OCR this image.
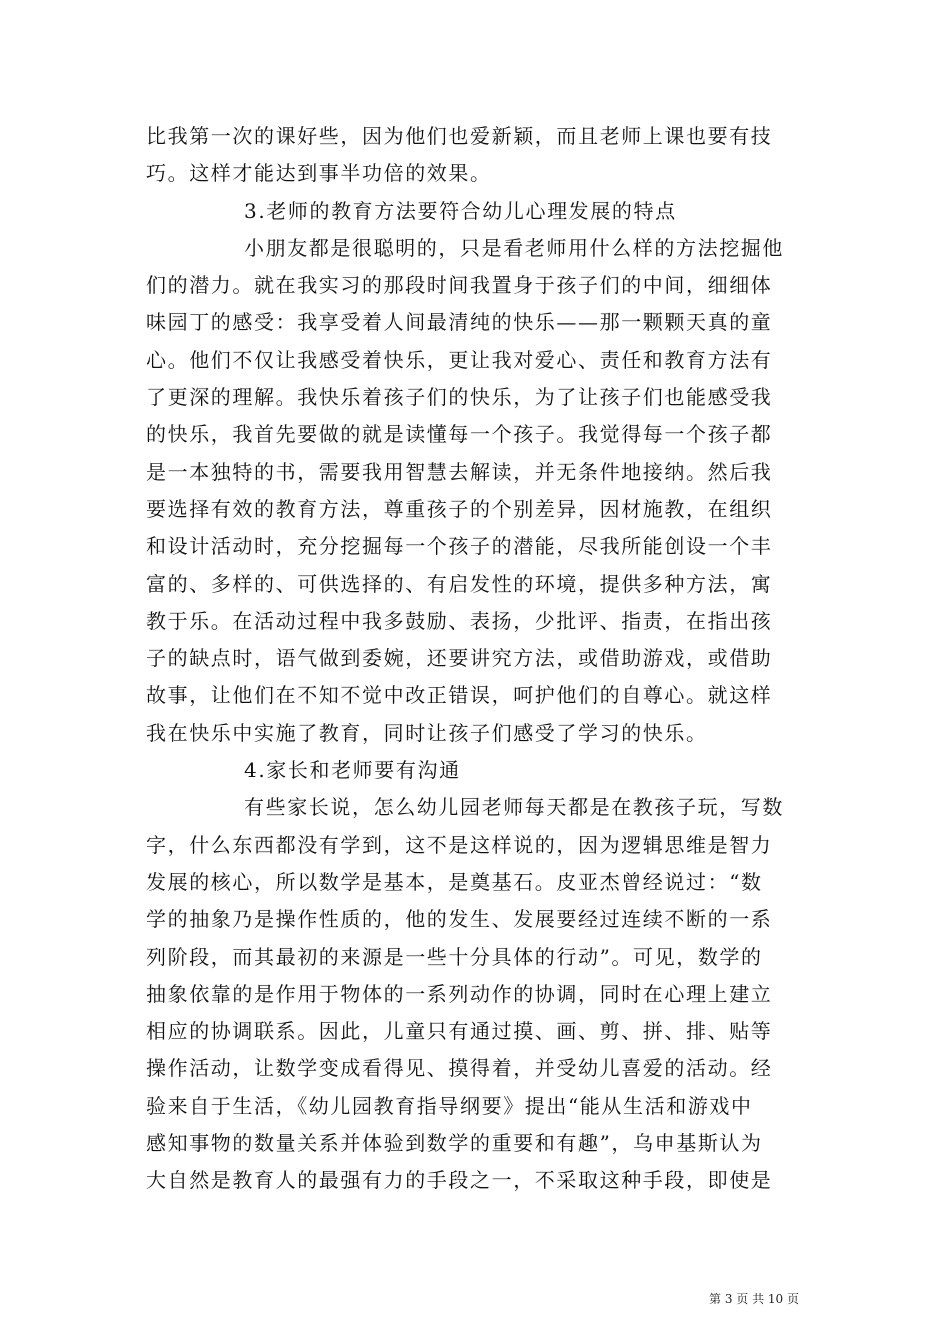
比我第一次的课好些，因为他们也爱新颖，而且老师上课也要有技
巧。这样才能达到事半功倍的效果。
3.老师的教育方法要符合幼儿心理发展的特点
小朋友都是很聪明的，只是看老师用什么样的方法挖掘他
们的潜力。就在我实习的那段时间我置身于孩子们的中间，细细体
味园丁的感受：我享受着人间最清纯的快乐——那一颗颗天真的童
心。他们不仅让我感受着快乐，更让我对爱心、责任和教育方法有
了更深的理解。我快乐着孩子们的快乐，为了让孩子们也能感受我
的快乐，我首先要做的就是读懂每一个孩子。我觉得每一个孩子都
是一本独特的书，需要我用智慧去解读，并无条件地接纳。然后我
要选择有效的教育方法，尊重孩子的个别差异，因材施教，在组织
和设计活动时，充分挖掘每一个孩子的潜能，尽我所能创设一个丰
富的、多样的、可供选择的、有启发性的环境，提供多种方法，寓
教于乐。在活动过程中我多鼓励、表扬，少批评、指责，在指出孩
子的缺点时，语气做到委婉，还要讲究方法，或借助游戏，或借助
故事，让他们在不知不觉中改正错误，呵护他们的自尊心。就这样
我在快乐中实施了教育，同时让孩子们感受了学习的快乐。
4.家长和老师要有沟通
有些家长说，怎么幼儿园老师每天都是在教孩子玩，写数
字，什么东西都没有学到，这不是这样说的，因为逻辑思维是智力
发展的核心，所以数学是基本，是奠基石。皮亚杰曾经说过：“数
学的抽象乃是操作性质的，他的发生、发展要经过连续不断的一系
列阶段，而其最初的来源是一些十分具体的行动”。可见，数学的
抽象依靠的是作用于物体的一系列动作的协调，同时在心理上建立
相应的协调联系。因此，儿童只有通过摸、画、剪、拼、排、贴等
操作活动，让数学变成看得见、摸得着，并受幼儿喜爱的活动。经
验来自于生活，《幼儿园教育指导纲要》提出“能从生活和游戏中
感知事物的数量关系并体验到数学的重要和有趣”，乌申基斯认为
大自然是教育人的最强有力的手段之一，不采取这种手段，即使是
第 3 页 共 10 页
